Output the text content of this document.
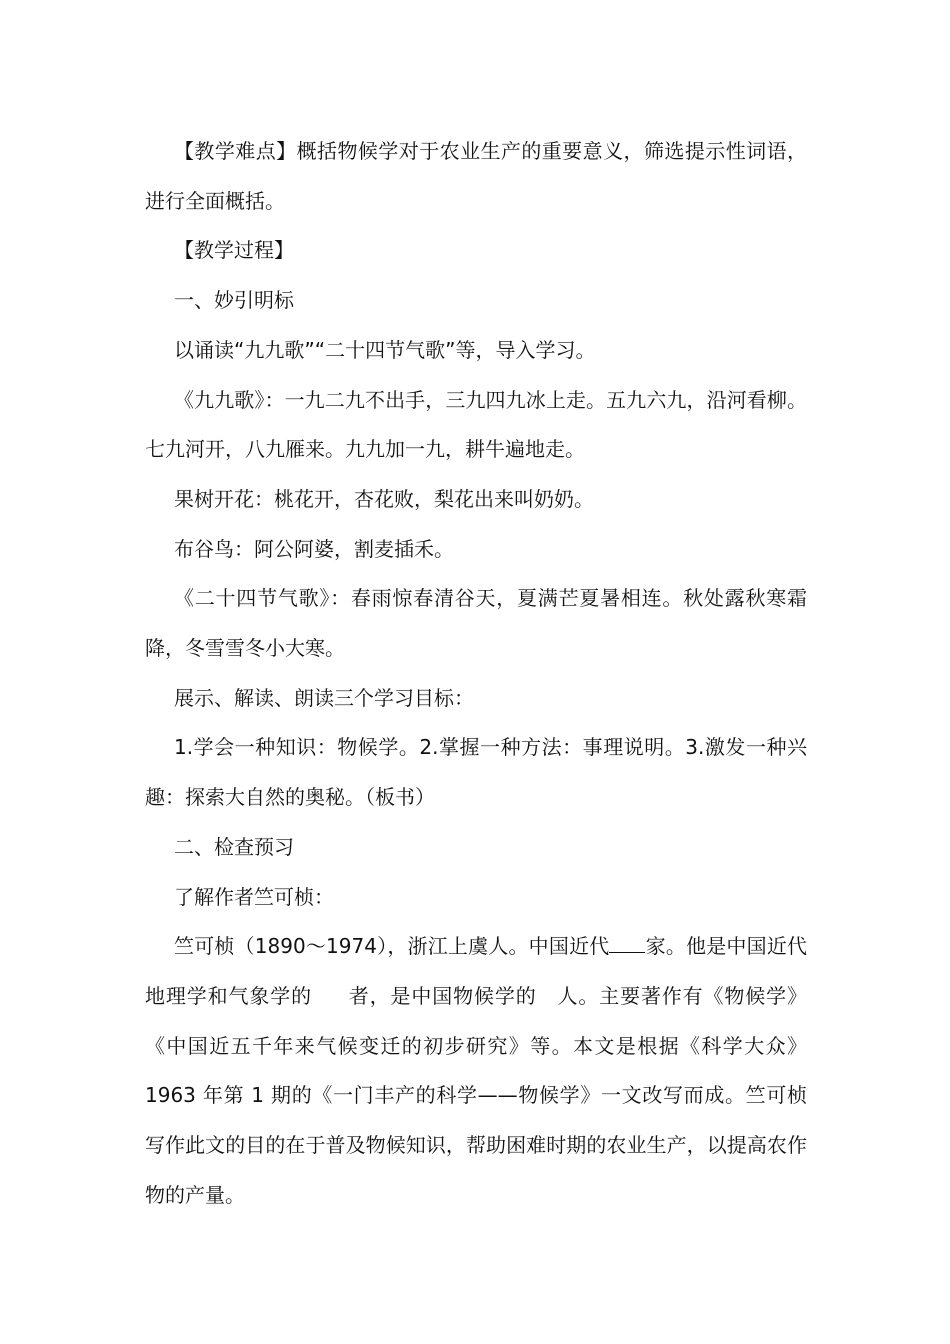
【教学难点】概括物候学对于农业生产的重要意义，筛选提示性词语，进行全面概括。

【教学过程】

一、妙引明标

以诵读“九九歌”“二十四节气歌”等，导入学习。

《九九歌》：一九二九不出手，三九四九冰上走。五九六九，沿河看柳。七九河开，八九雁来。九九加一九，耕牛遍地走。

果树开花：桃花开，杏花败，梨花出来叫奶奶。

布谷鸟：阿公阿婆，割麦插禾。

《二十四节气歌》：春雨惊春清谷天，夏满芒夏暑相连。秋处露秋寒霜降，冬雪雪冬小大寒。

展示、解读、朗读三个学习目标：

1.学会一种知识：物候学。2.掌握一种方法：事理说明。3.激发一种兴趣：探索大自然的奥秘。（板书）

二、检查预习

了解作者竺可桢：

竺可桢（1890～1974），浙江上虞人。中国近代 家。他是中国近代地理学和气象学的 者，是中国物候学的 人。主要著作有《物候学》《中国近五千年来气候变迁的初步研究》等。本文是根据《科学大众》1963 年第 1 期的《一门丰产的科学——物候学》一文改写而成。竺可桢写作此文的目的在于普及物候知识，帮助困难时期的农业生产，以提高农作物的产量。
